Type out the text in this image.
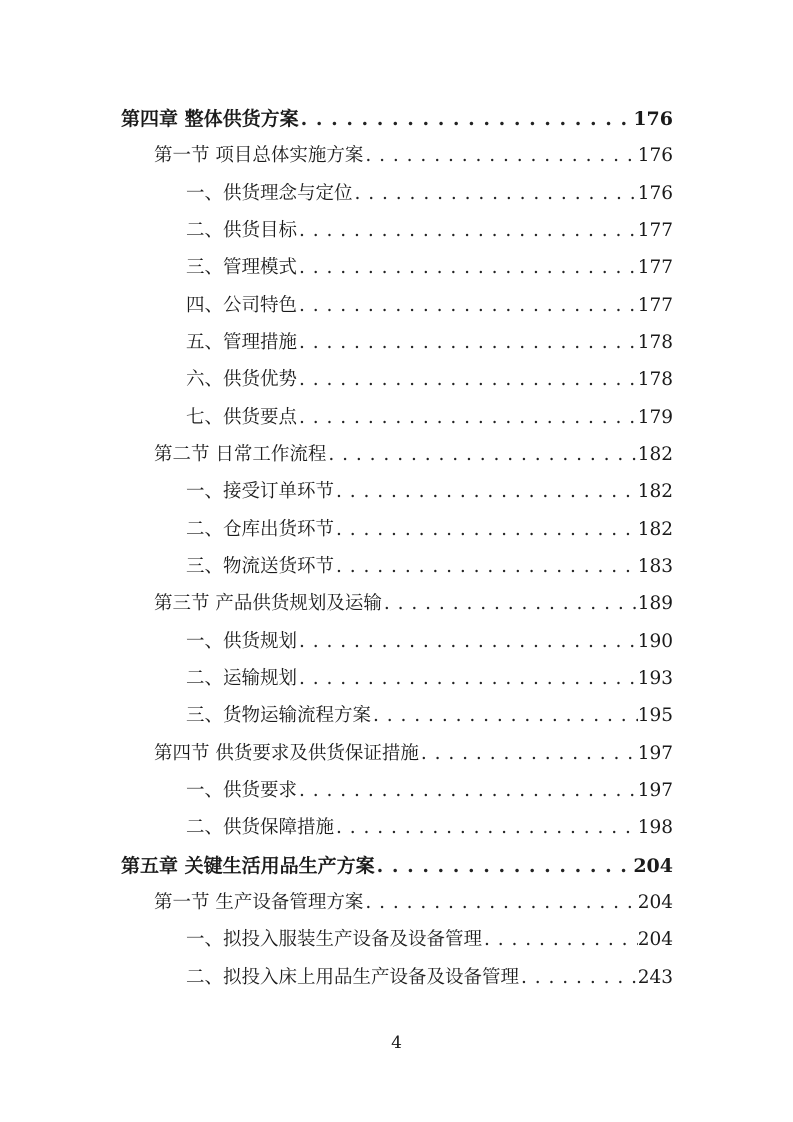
第四章 整体供货方案 . . .	176
第一节 项目总体实施方案 . . .	176
一、供货理念与定位 . . .	176
二、供货目标 . . .	177
三、管理模式 . . .	177
四、公司特色 . . .	177
五、管理措施 . . .	178
六、供货优势 . . .	178
七、供货要点 . . .	179
第二节 日常工作流程 . . .	182
一、接受订单环节 . . .	182
二、仓库出货环节 . . .	182
三、物流送货环节 . . .	183
第三节 产品供货规划及运输 . . .	189
一、供货规划 . . .	190
二、运输规划 . . .	193
三、货物运输流程方案 . . .	195
第四节 供货要求及供货保证措施 . . .	197
一、供货要求 . . .	197
二、供货保障措施 . . .	198
第五章 关键生活用品生产方案 . . .	204
第一节 生产设备管理方案 . . .	204
一、拟投入服装生产设备及设备管理 . . .	204
二、拟投入床上用品生产设备及设备管理 . . .	243
4
